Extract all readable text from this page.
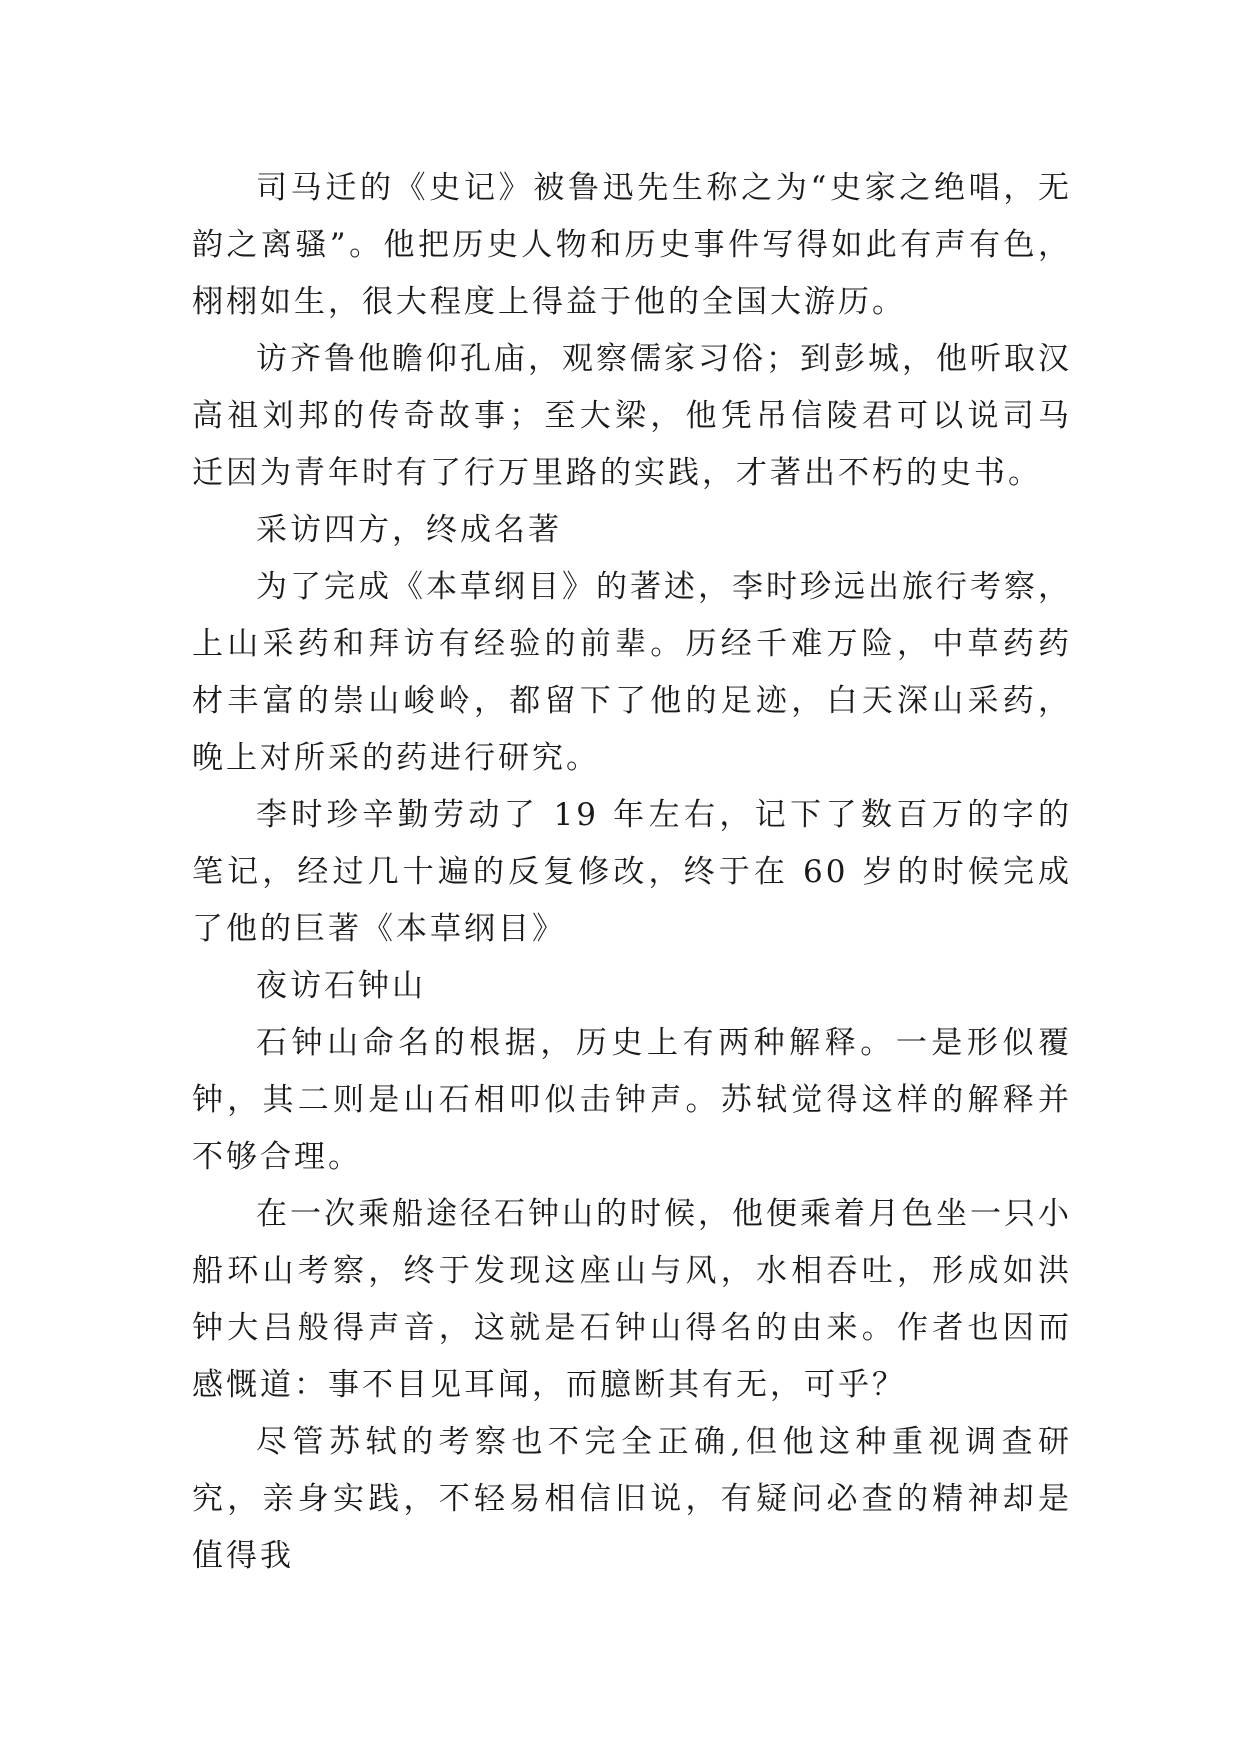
司马迁的《史记》被鲁迅先生称之为“史家之绝唱，无韵之离骚”。他把历史人物和历史事件写得如此有声有色，栩栩如生，很大程度上得益于他的全国大游历。

访齐鲁他瞻仰孔庙，观察儒家习俗；到彭城，他听取汉高祖刘邦的传奇故事；至大梁，他凭吊信陵君可以说司马迁因为青年时有了行万里路的实践，才著出不朽的史书。

采访四方，终成名著

为了完成《本草纲目》的著述，李时珍远出旅行考察，上山采药和拜访有经验的前辈。历经千难万险，中草药药材丰富的崇山峻岭，都留下了他的足迹，白天深山采药，晚上对所采的药进行研究。

李时珍辛勤劳动了 19 年左右，记下了数百万的字的笔记，经过几十遍的反复修改，终于在 60 岁的时候完成了他的巨著《本草纲目》

夜访石钟山

石钟山命名的根据，历史上有两种解释。一是形似覆钟，其二则是山石相叩似击钟声。苏轼觉得这样的解释并不够合理。

在一次乘船途径石钟山的时候，他便乘着月色坐一只小船环山考察，终于发现这座山与风，水相吞吐，形成如洪钟大吕般得声音，这就是石钟山得名的由来。作者也因而感慨道：事不目见耳闻，而臆断其有无，可乎？

尽管苏轼的考察也不完全正确,但他这种重视调查研究，亲身实践，不轻易相信旧说，有疑问必查的精神却是值得我
